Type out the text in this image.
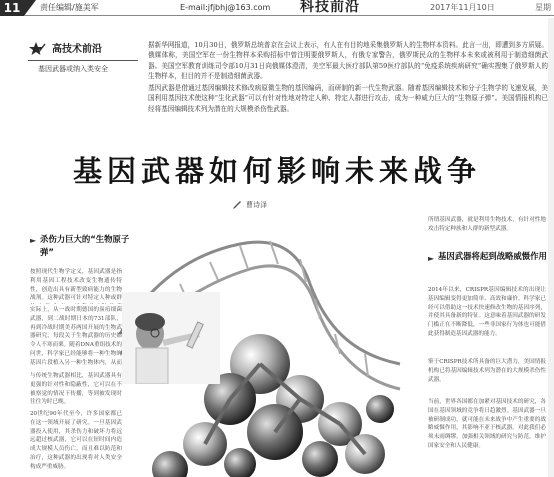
11	责任编辑/施美军	E-mail:jfjbhj@163.com 科技前沿	2017年11月10日	星期
高技术前沿
基因武器或纳入类安全

据新华网报道，10月30日，俄罗斯总统普京在会议上表示，有人在有目的地采集俄罗斯人的生物样本资料。此言一出，即遭到多方质疑。俄媒体称，美国空军在一份生物样本采购招标中曾注明要俄罗斯人，有俄专家警告，俄罗斯民众的生物样本未来或被利用于制造细菌武器。美国空军教育训练司令部10月31日向俄媒体澄清，美空军最大医疗部队第59医疗部队的“免疫系统疾病研究”确实搜集了俄罗斯人的生物样本，但目的并不是制造细菌武器。

基因武器是借通过基因编辑技术修改病原微生物的基因编码，而研制的新一代生物武器。随着基因编辑技术和分子生物学的飞速发展，美国利用基因技术使这种“生化武器”可以有针对性地对特定人种、特定人群进行攻击，成为一种威力巨大的“生物原子弹”。美国情报机构已经将基因编辑技术列为潜在的大规模杀伤性武器。

基因武器如何影响未来战争
曹诗泽
► 杀伤力巨大的“生物原子弹”

按照现代生物学定义，基因武器是指利用基因工程技术改变生物遗传特性，创造出具有新型致病能力的生物战剂。这种武器可针对特定人种或群

实际上，从一战时期德国的炭疽细菌武器，到二战时期日本的731部队，再到冷战时期美苏两国开展的生物武器研究，每段关于生物武器的历史都令人不寒而栗。随着DNA重组技术的问世，科学家已经能够将一种生物的基因片段植入另一种生物体内，从而

与传统生物武器相比，基因武器具有更强的针对性和隐蔽性，它可以在不被察觉的情况下传播，等到被发现时往往为时已晚。

20世纪90年代至今，许多国家都已在这一领域开展了研究。一旦基因武器投入使用，其杀伤力和破坏力将远远超过核武器，它可以在短时间内造成大规模人员伤亡，而且难以防范和治疗，这种武器的出现将对人类安全构成严重威胁。

所谓基因武器，就是利用生物技术，有针对性地攻击特定种族和人群的新型武器。

► 基因武器将起到战略威慑作用

2014年以来，CRISPR基因编辑技术的出现让基因编辑变得更加简单、高效和廉价。科学家已经可以借助这一技术快速修改生物的基因序列，并使其具备新的特征。这意味着基因武器的研发门槛正在不断降低，一些非国家行为体也可能借此获得制造基因武器的能力。

鉴于CRISPR技术所具备的巨大潜力，美国情报机构已将基因编辑技术列为潜在的大规模杀伤性武器。

当前，世界各国都在加紧对基因技术的研究，各国在基因领域的竞争将日趋激烈。基因武器一旦被研制成功，就可能在未来战争中产生重要的战略威慑作用，其影响不亚于核武器。对此我们必须未雨绸缪，加强相关领域的研究与防范，维护国家安全和人民健康。
